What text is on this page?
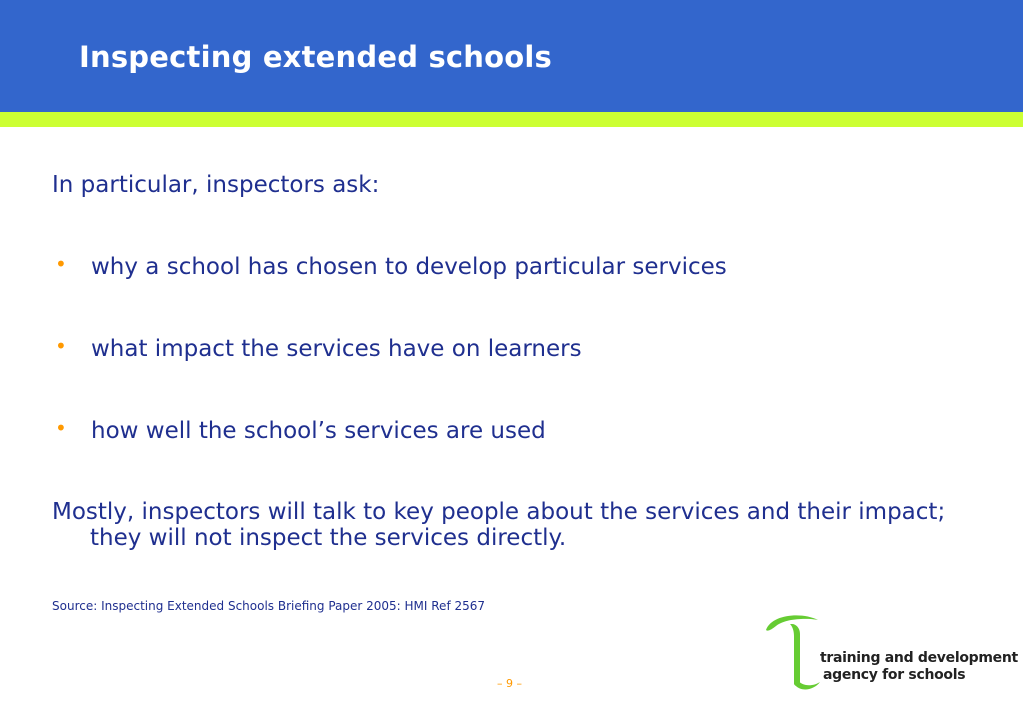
Inspecting extended schools
In particular, inspectors ask:
• why a school has chosen to develop particular services
• what impact the services have on learners
• how well the school’s services are used
Mostly, inspectors will talk to key people about the services and their impact; they will not inspect the services directly.
Source: Inspecting Extended Schools Briefing Paper 2005: HMI Ref 2567
– 9 –
training and development
agency for schools
